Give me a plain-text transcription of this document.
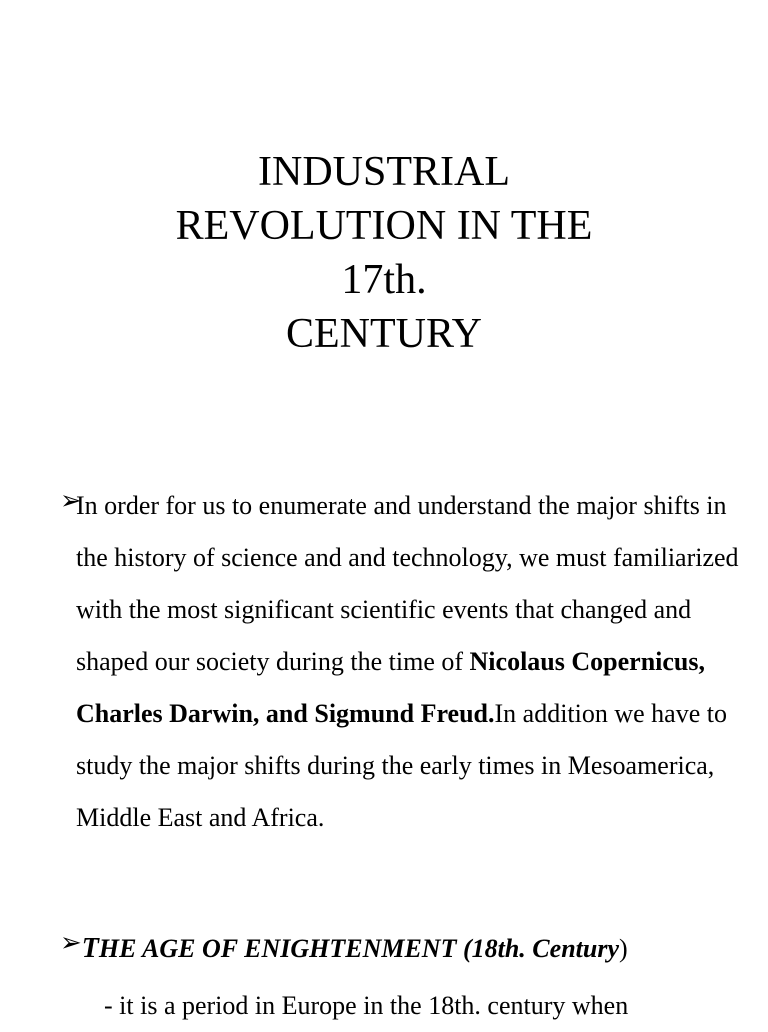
INDUSTRIAL
REVOLUTION IN THE
17th.
CENTURY

➢
In order for us to enumerate and understand the major shifts in the history of science and and technology, we must familiarized with the most significant scientific events that changed and shaped our society during the time of Nicolaus Copernicus, Charles Darwin, and Sigmund Freud.In addition we have to study the major shifts during the early times in Mesoamerica, Middle East and Africa.

➢THE AGE OF ENIGHTENMENT (18th. Century)
- it is a period in Europe in the 18th. century when
